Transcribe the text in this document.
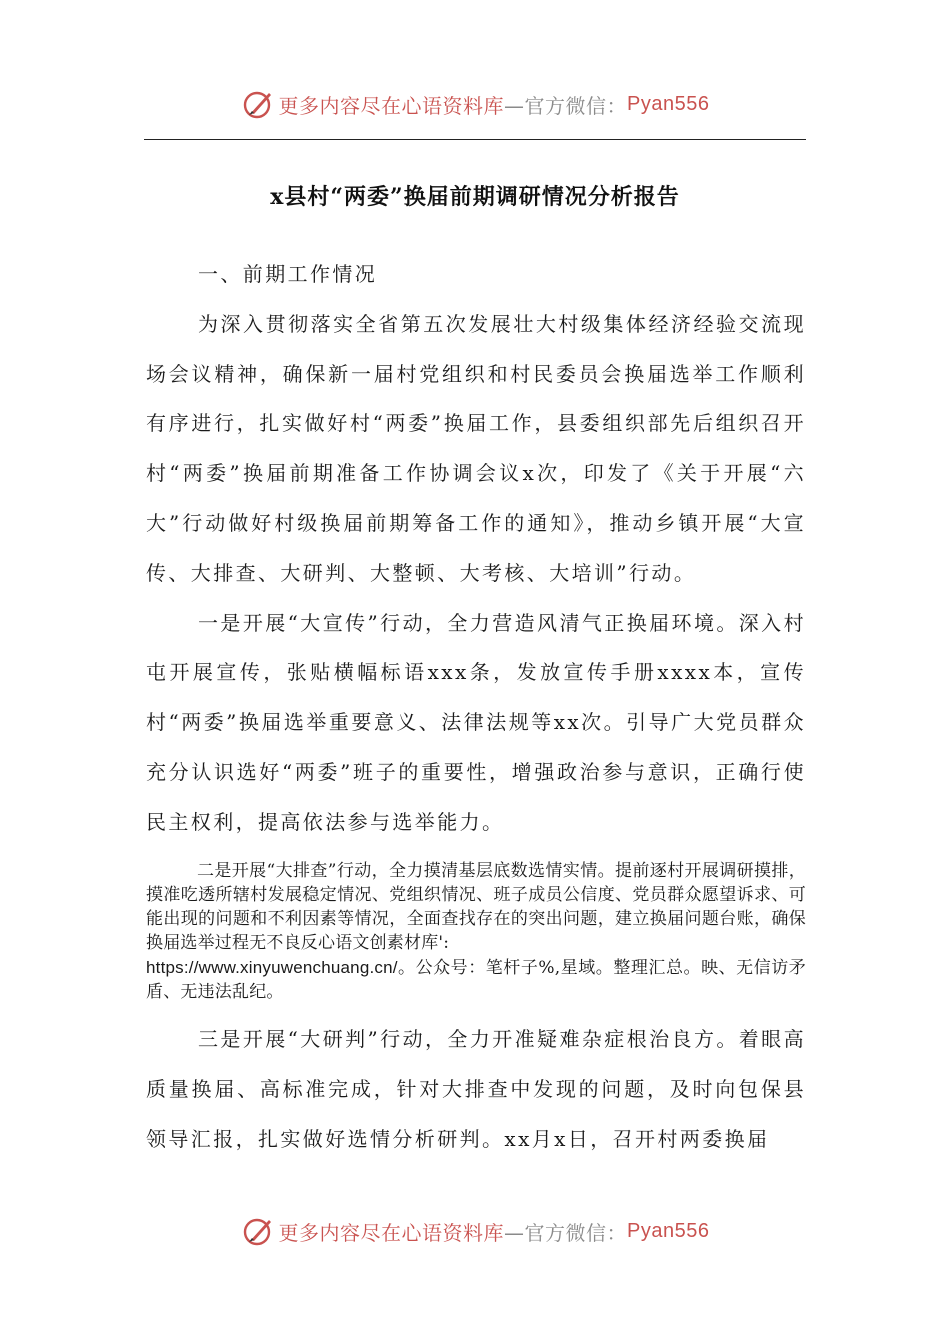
更多内容尽在心语资料库 —官方微信： Pyan556
x县村“两委”换届前期调研情况分析报告

一、前期工作情况

为深入贯彻落实全省第五次发展壮大村级集体经济经验交流现场会议精神，确保新一届村党组织和村民委员会换届选举工作顺利有序进行，扎实做好村“两委”换届工作，县委组织部先后组织召开村“两委”换届前期准备工作协调会议x次，印发了《关于开展“六大”行动做好村级换届前期筹备工作的通知》，推动乡镇开展“大宣传、大排查、大研判、大整顿、大考核、大培训”行动。

一是开展“大宣传”行动，全力营造风清气正换届环境。深入村屯开展宣传，张贴横幅标语xxx条，发放宣传手册xxxx本，宣传村“两委”换届选举重要意义、法律法规等xx次。引导广大党员群众充分认识选好“两委”班子的重要性，增强政治参与意识，正确行使民主权利，提高依法参与选举能力。

二是开展“大排查”行动，全力摸清基层底数选情实情。提前逐村开展调研摸排，摸准吃透所辖村发展稳定情况、党组织情况、班子成员公信度、党员群众愿望诉求、可能出现的问题和不利因素等情况，全面查找存在的突出问题，建立换届问题台账，确保换届选举过程无不良反心语文创素材库':
https://www.xinyuwenchuang.cn/。公众号：笔杆子%,星域。整理汇总。映、无信访矛盾、无违法乱纪。

三是开展“大研判”行动，全力开准疑难杂症根治良方。着眼高质量换届、高标准完成，针对大排查中发现的问题，及时向包保县领导汇报，扎实做好选情分析研判。xx月x日，召开村两委换届

更多内容尽在心语资料库 —官方微信： Pyan556
